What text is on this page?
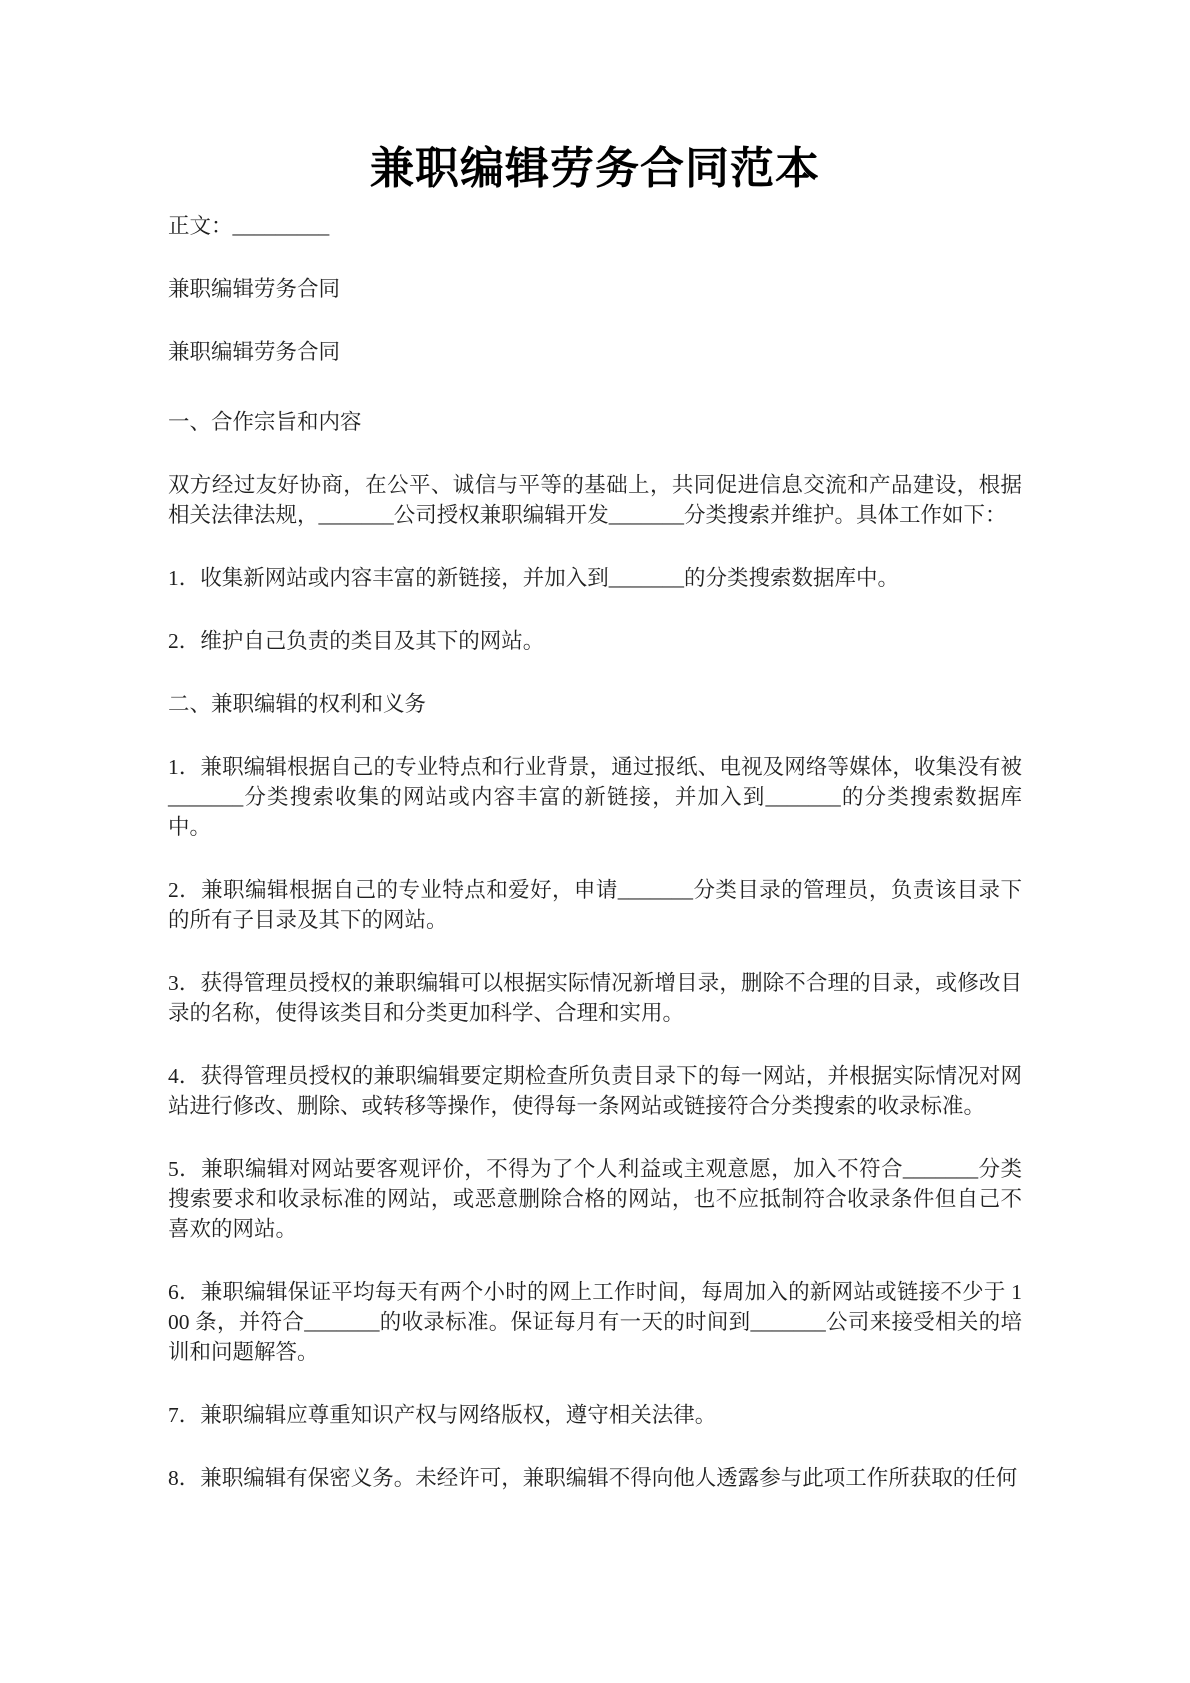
兼职编辑劳务合同范本

正文：_________

兼职编辑劳务合同

兼职编辑劳务合同

一、合作宗旨和内容

双方经过友好协商，在公平、诚信与平等的基础上，共同促进信息交流和产品建设，根据相关法律法规，_______公司授权兼职编辑开发_______分类搜索并维护。具体工作如下：

1．收集新网站或内容丰富的新链接，并加入到_______的分类搜索数据库中。

2．维护自己负责的类目及其下的网站。

二、兼职编辑的权利和义务

1．兼职编辑根据自己的专业特点和行业背景，通过报纸、电视及网络等媒体，收集没有被_______分类搜索收集的网站或内容丰富的新链接，并加入到_______的分类搜索数据库中。

2．兼职编辑根据自己的专业特点和爱好，申请_______分类目录的管理员，负责该目录下的所有子目录及其下的网站。

3．获得管理员授权的兼职编辑可以根据实际情况新增目录，删除不合理的目录，或修改目录的名称，使得该类目和分类更加科学、合理和实用。

4．获得管理员授权的兼职编辑要定期检查所负责目录下的每一网站，并根据实际情况对网站进行修改、删除、或转移等操作，使得每一条网站或链接符合分类搜索的收录标准。

5．兼职编辑对网站要客观评价，不得为了个人利益或主观意愿，加入不符合_______分类搜索要求和收录标准的网站，或恶意删除合格的网站，也不应抵制符合收录条件但自己不喜欢的网站。

6．兼职编辑保证平均每天有两个小时的网上工作时间，每周加入的新网站或链接不少于 100 条，并符合_______的收录标准。保证每月有一天的时间到_______公司来接受相关的培训和问题解答。

7．兼职编辑应尊重知识产权与网络版权，遵守相关法律。

8．兼职编辑有保密义务。未经许可，兼职编辑不得向他人透露参与此项工作所获取的任何
